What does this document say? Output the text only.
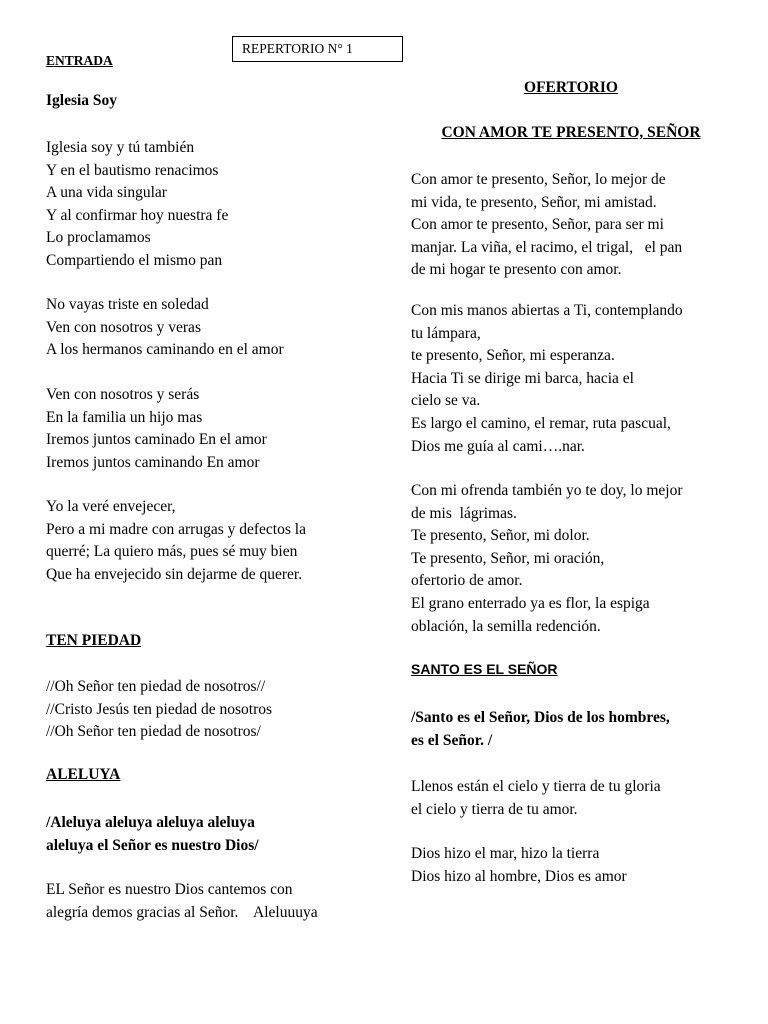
REPERTORIO N° 1
ENTRADA
Iglesia Soy
Iglesia soy y tú también
Y en el bautismo renacimos
A una vida singular
Y al confirmar hoy nuestra fe
Lo proclamamos
Compartiendo el mismo pan
No vayas triste en soledad
Ven con nosotros y veras
A los hermanos caminando en el amor
Ven con nosotros y serás
En la familia un hijo mas
Iremos juntos caminado En el amor
Iremos juntos caminando En amor
Yo la veré envejecer,
Pero a mi madre con arrugas y defectos la
querré; La quiero más, pues sé muy bien
Que ha envejecido sin dejarme de querer.
TEN PIEDAD
//Oh Señor ten piedad de nosotros//
//Cristo Jesús ten piedad de nosotros
//Oh Señor ten piedad de nosotros/
ALELUYA
/Aleluya aleluya aleluya aleluya
aleluya el Señor es nuestro Dios/
EL Señor es nuestro Dios cantemos con
alegría demos gracias al Señor.    Aleluuuya
OFERTORIO
CON AMOR TE PRESENTO, SEÑOR
Con amor te presento, Señor, lo mejor de
mi vida, te presento, Señor, mi amistad.
Con amor te presento, Señor, para ser mi
manjar. La viña, el racimo, el trigal,   el pan
de mi hogar te presento con amor.
Con mis manos abiertas a Ti, contemplando
tu lámpara,
te presento, Señor, mi esperanza.
Hacia Ti se dirige mi barca, hacia el
cielo se va.
Es largo el camino, el remar, ruta pascual,
Dios me guía al cami….nar.
Con mi ofrenda también yo te doy, lo mejor
de mis  lágrimas.
Te presento, Señor, mi dolor.
Te presento, Señor, mi oración,
ofertorio de amor.
El grano enterrado ya es flor, la espiga
oblación, la semilla redención.
SANTO ES EL SEÑOR
/Santo es el Señor, Dios de los hombres,
es el Señor. /
Llenos están el cielo y tierra de tu gloria
el cielo y tierra de tu amor.
Dios hizo el mar, hizo la tierra
Dios hizo al hombre, Dios es amor
